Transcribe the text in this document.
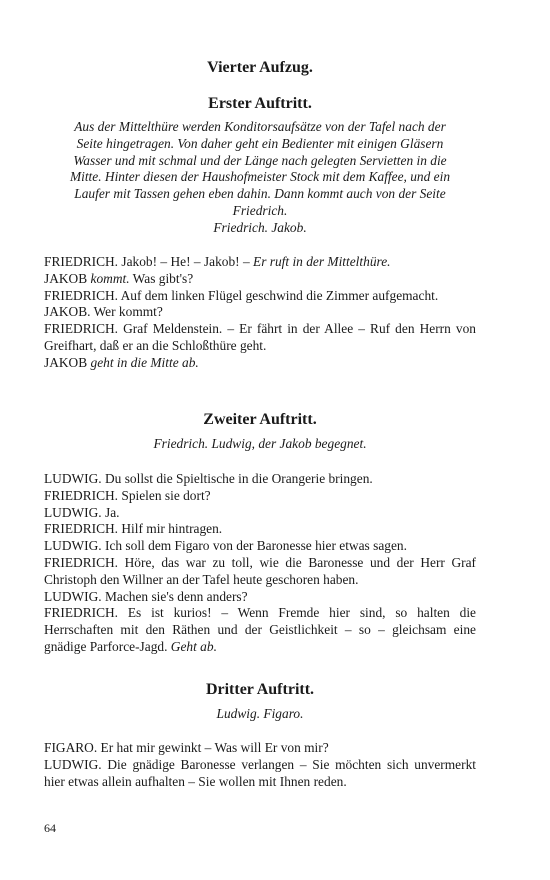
Vierter Aufzug.
Erster Auftritt.
Aus der Mittelthüre werden Konditorsaufsätze von der Tafel nach der
Seite hingetragen. Von daher geht ein Bedienter mit einigen Gläsern
Wasser und mit schmal und der Länge nach gelegten Servietten in die
Mitte. Hinter diesen der Haushofmeister Stock mit dem Kaffee, und ein
Laufer mit Tassen gehen eben dahin. Dann kommt auch von der Seite
Friedrich.
Friedrich. Jakob.

FRIEDRICH. Jakob! – He! – Jakob! – Er ruft in der Mittelthüre.

JAKOB kommt. Was gibt's?

FRIEDRICH. Auf dem linken Flügel geschwind die Zimmer aufgemacht.

JAKOB. Wer kommt?

FRIEDRICH. Graf Meldenstein. – Er fährt in der Allee – Ruf den Herrn von Greifhart, daß er an die Schloßthüre geht.

JAKOB geht in die Mitte ab.

Zweiter Auftritt.
Friedrich. Ludwig, der Jakob begegnet.

LUDWIG. Du sollst die Spieltische in die Orangerie bringen.

FRIEDRICH. Spielen sie dort?

LUDWIG. Ja.

FRIEDRICH. Hilf mir hintragen.

LUDWIG. Ich soll dem Figaro von der Baronesse hier etwas sagen.

FRIEDRICH. Höre, das war zu toll, wie die Baronesse und der Herr Graf Christoph den Willner an der Tafel heute geschoren haben.

LUDWIG. Machen sie's denn anders?

FRIEDRICH. Es ist kurios! – Wenn Fremde hier sind, so halten die Herrschaften mit den Räthen und der Geistlichkeit – so – gleichsam eine gnädige Parforce-Jagd. Geht ab.

Dritter Auftritt.
Ludwig. Figaro.

FIGARO. Er hat mir gewinkt – Was will Er von mir?

LUDWIG. Die gnädige Baronesse verlangen – Sie möchten sich unvermerkt hier etwas allein aufhalten – Sie wollen mit Ihnen reden.

64
